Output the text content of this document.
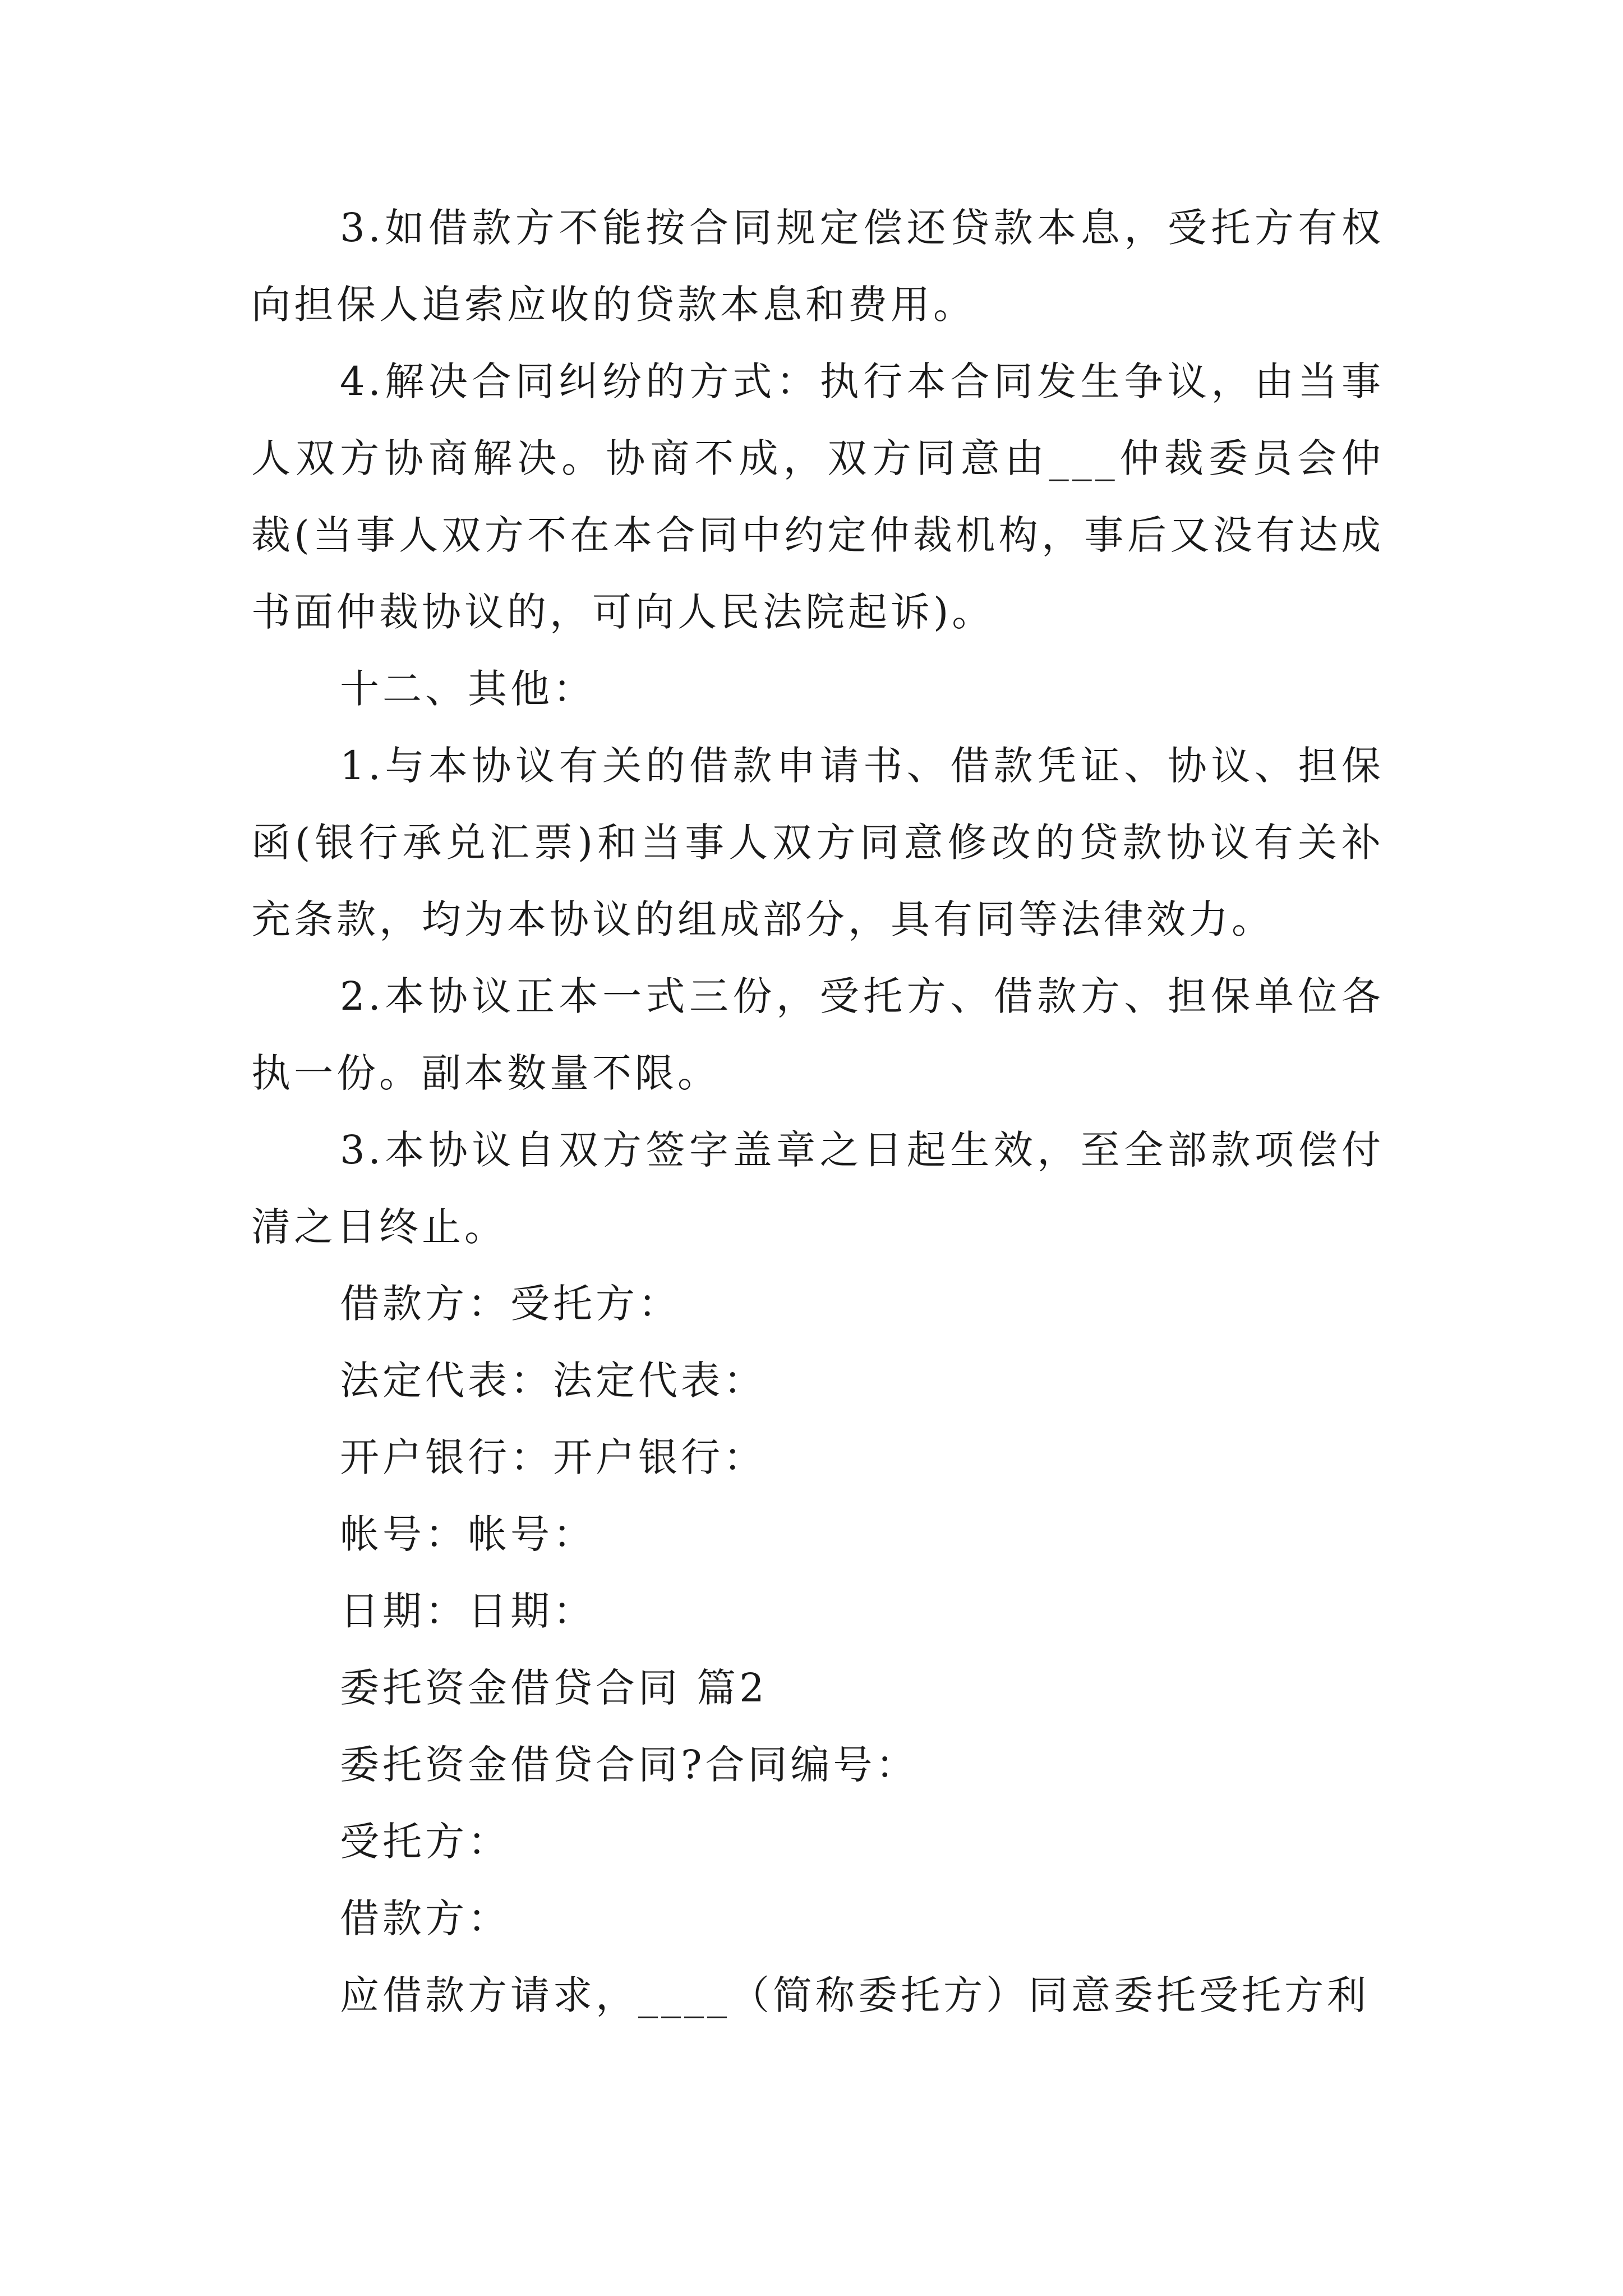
3.如借款方不能按合同规定偿还贷款本息，受托方有权向担保人追索应收的贷款本息和费用。

4.解决合同纠纷的方式：执行本合同发生争议，由当事人双方协商解决。协商不成，双方同意由___仲裁委员会仲裁(当事人双方不在本合同中约定仲裁机构，事后又没有达成书面仲裁协议的，可向人民法院起诉)。

十二、其他：

1.与本协议有关的借款申请书、借款凭证、协议、担保函(银行承兑汇票)和当事人双方同意修改的贷款协议有关补充条款，均为本协议的组成部分，具有同等法律效力。

2.本协议正本一式三份，受托方、借款方、担保单位各执一份。副本数量不限。

3.本协议自双方签字盖章之日起生效，至全部款项偿付清之日终止。

借款方：受托方：

法定代表：法定代表：

开户银行：开户银行：

帐号：帐号：

日期：日期：

委托资金借贷合同 篇2

委托资金借贷合同?合同编号：

受托方：

借款方：

应借款方请求，____（简称委托方）同意委托受托方利
